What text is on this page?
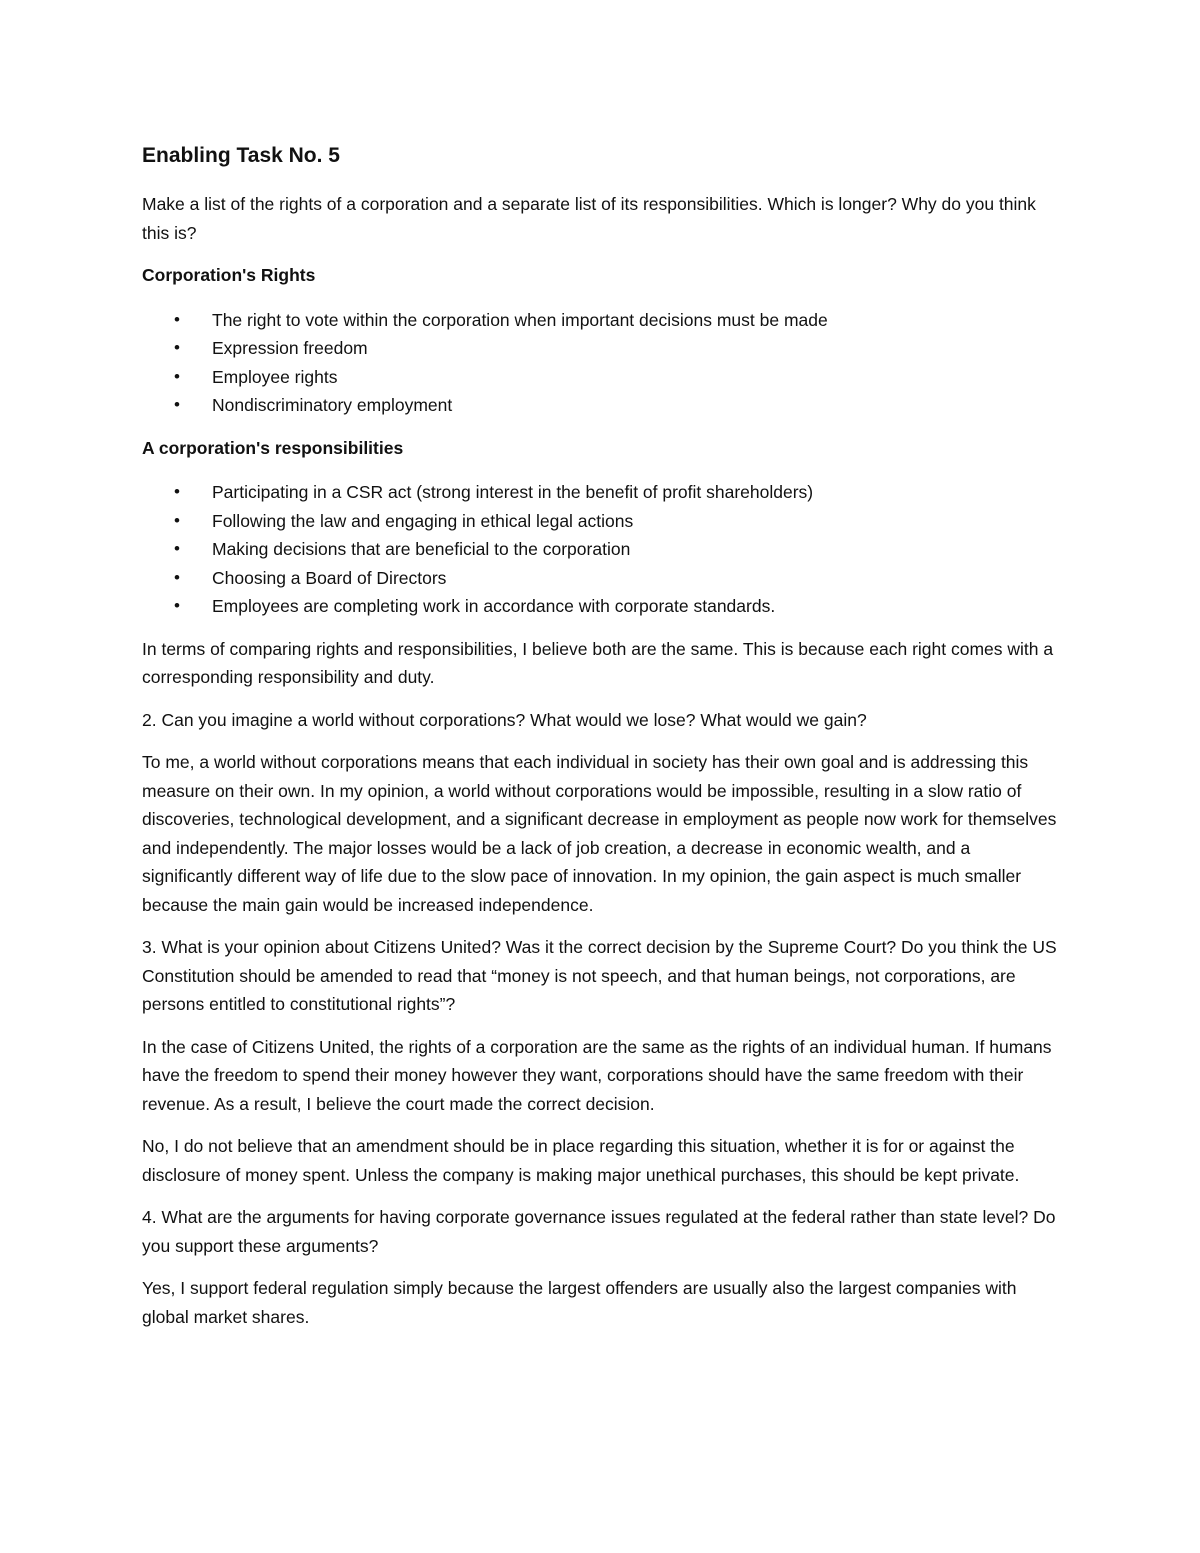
Enabling Task No. 5

Make a list of the rights of a corporation and a separate list of its responsibilities. Which is longer? Why do you think this is?

Corporation's Rights

• The right to vote within the corporation when important decisions must be made
• Expression freedom
• Employee rights
• Nondiscriminatory employment

A corporation's responsibilities

• Participating in a CSR act (strong interest in the benefit of profit shareholders)
• Following the law and engaging in ethical legal actions
• Making decisions that are beneficial to the corporation
• Choosing a Board of Directors
• Employees are completing work in accordance with corporate standards.

In terms of comparing rights and responsibilities, I believe both are the same. This is because each right comes with a corresponding responsibility and duty.

2. Can you imagine a world without corporations? What would we lose? What would we gain?

To me, a world without corporations means that each individual in society has their own goal and is addressing this measure on their own. In my opinion, a world without corporations would be impossible, resulting in a slow ratio of discoveries, technological development, and a significant decrease in employment as people now work for themselves and independently. The major losses would be a lack of job creation, a decrease in economic wealth, and a significantly different way of life due to the slow pace of innovation. In my opinion, the gain aspect is much smaller because the main gain would be increased independence.

3. What is your opinion about Citizens United? Was it the correct decision by the Supreme Court? Do you think the US Constitution should be amended to read that “money is not speech, and that human beings, not corporations, are persons entitled to constitutional rights”?

In the case of Citizens United, the rights of a corporation are the same as the rights of an individual human. If humans have the freedom to spend their money however they want, corporations should have the same freedom with their revenue. As a result, I believe the court made the correct decision.

No, I do not believe that an amendment should be in place regarding this situation, whether it is for or against the disclosure of money spent. Unless the company is making major unethical purchases, this should be kept private.

4. What are the arguments for having corporate governance issues regulated at the federal rather than state level? Do you support these arguments?

Yes, I support federal regulation simply because the largest offenders are usually also the largest companies with global market shares.
